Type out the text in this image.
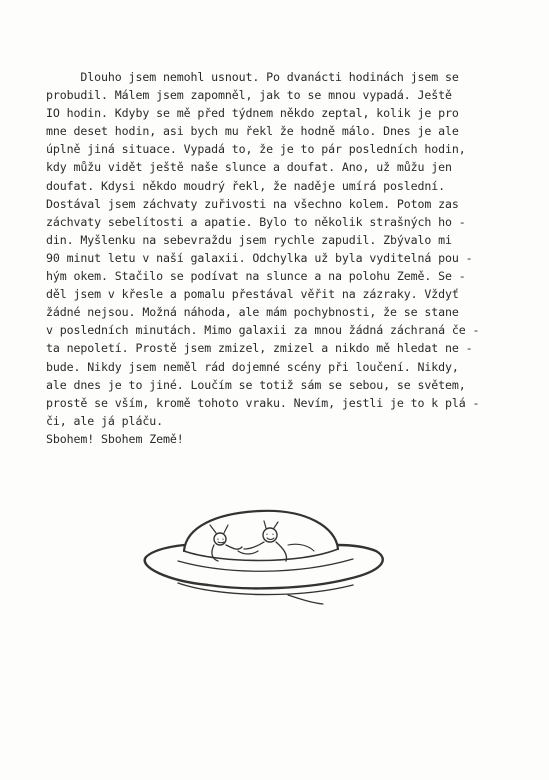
Dlouho jsem nemohl usnout. Po dvanácti hodinách jsem se
probudil. Málem jsem zapomněl, jak to se mnou vypadá. Ještě
IO hodin. Kdyby se mě před týdnem někdo zeptal, kolik je pro
mne deset hodin, asi bych mu řekl že hodně málo. Dnes je ale
úplně jiná situace. Vypadá to, že je to pár posledních hodin,
kdy můžu vidět ještě naše slunce a doufat. Ano, už můžu jen
doufat. Kdysi někdo moudrý řekl, že naděje umírá poslední.
Dostával jsem záchvaty zuřivosti na všechno kolem. Potom zas
záchvaty sebelítosti a apatie. Bylo to několik strašných ho -
din. Myšlenku na sebevraždu jsem rychle zapudil. Zbývalo mi
90 minut letu v naší galaxii. Odchylka už byla vyditelná pou -
hým okem. Stačilo se podívat na slunce a na polohu Země. Se -
děl jsem v křesle a pomalu přestával věřit na zázraky. Vždyť
žádné nejsou. Možná náhoda, ale mám pochybnosti, že se stane
v posledních minutách. Mimo galaxii za mnou žádná záchraná če -
ta nepoletí. Prostě jsem zmizel, zmizel a nikdo mě hledat ne -
bude. Nikdy jsem neměl rád dojemné scény při loučení. Nikdy,
ale dnes je to jiné. Loučím se totiž sám se sebou, se světem,
prostě se vším, kromě tohoto vraku. Nevím, jestli je to k plá -
či, ale já pláču.
Sbohem! Sbohem Země!
